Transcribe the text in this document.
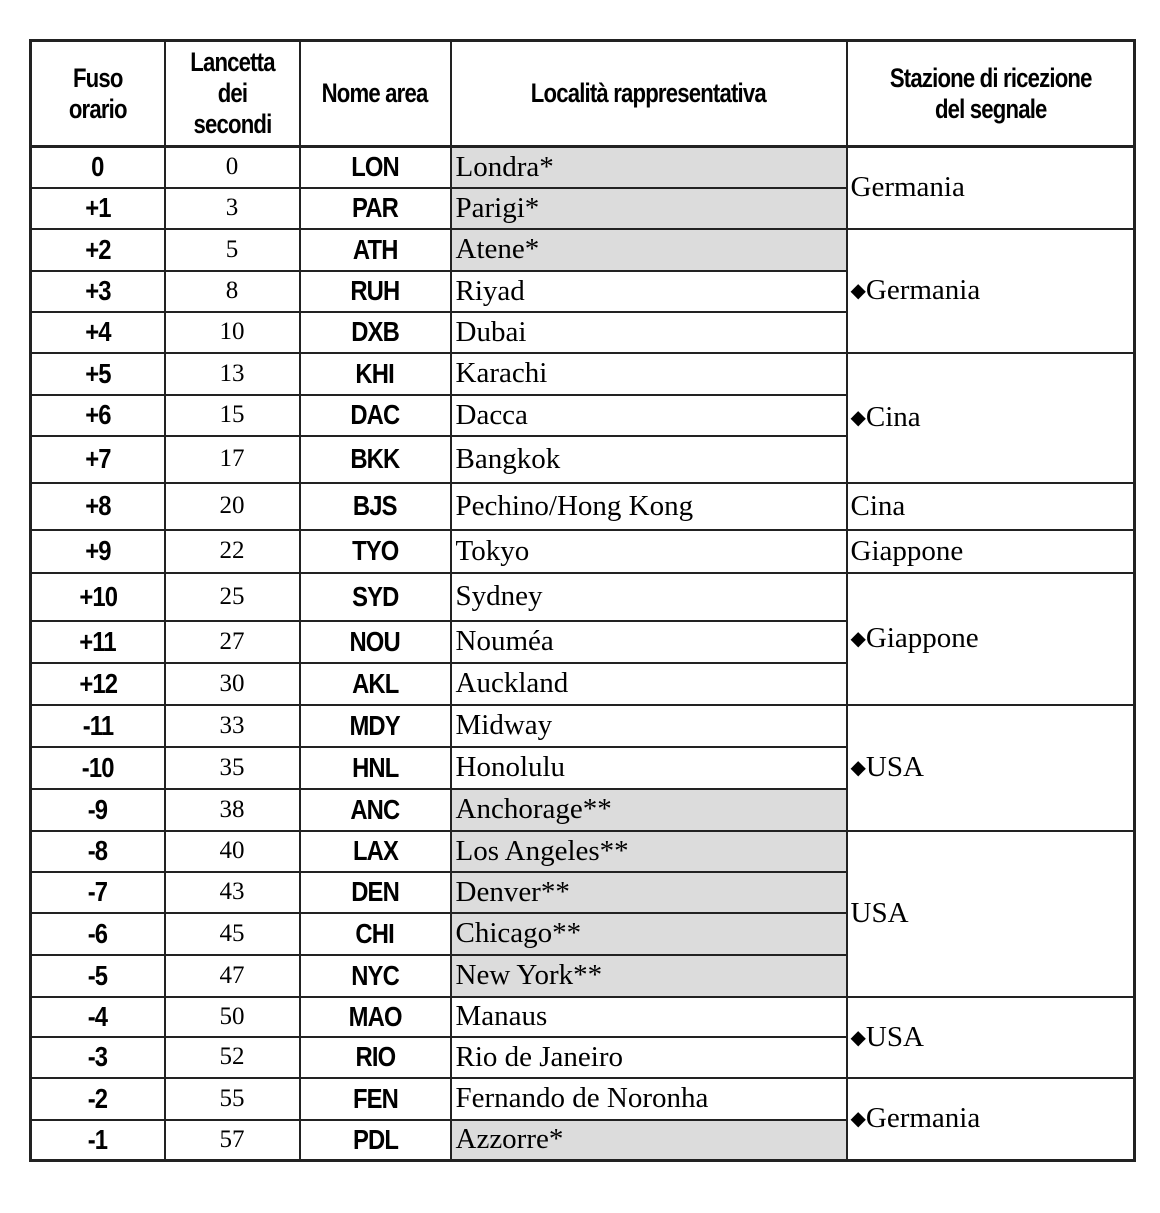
Fuso orario	Lancetta dei secondi	Nome area	Località rappresentativa	Stazione di ricezione del segnale
0	0	LON	Londra*	Germania
+1	3	PAR	Parigi*	
+2	5	ATH	Atene*	◆Germania
+3	8	RUH	Riyad	
+4	10	DXB	Dubai	
+5	13	KHI	Karachi	◆Cina
+6	15	DAC	Dacca	
+7	17	BKK	Bangkok	
+8	20	BJS	Pechino/Hong Kong	Cina
+9	22	TYO	Tokyo	Giappone
+10	25	SYD	Sydney	◆Giappone
+11	27	NOU	Nouméa	
+12	30	AKL	Auckland	
-11	33	MDY	Midway	◆USA
-10	35	HNL	Honolulu	
-9	38	ANC	Anchorage**	
-8	40	LAX	Los Angeles**	USA
-7	43	DEN	Denver**	
-6	45	CHI	Chicago**	
-5	47	NYC	New York**	
-4	50	MAO	Manaus	◆USA
-3	52	RIO	Rio de Janeiro	
-2	55	FEN	Fernando de Noronha	◆Germania
-1	57	PDL	Azzorre*	
